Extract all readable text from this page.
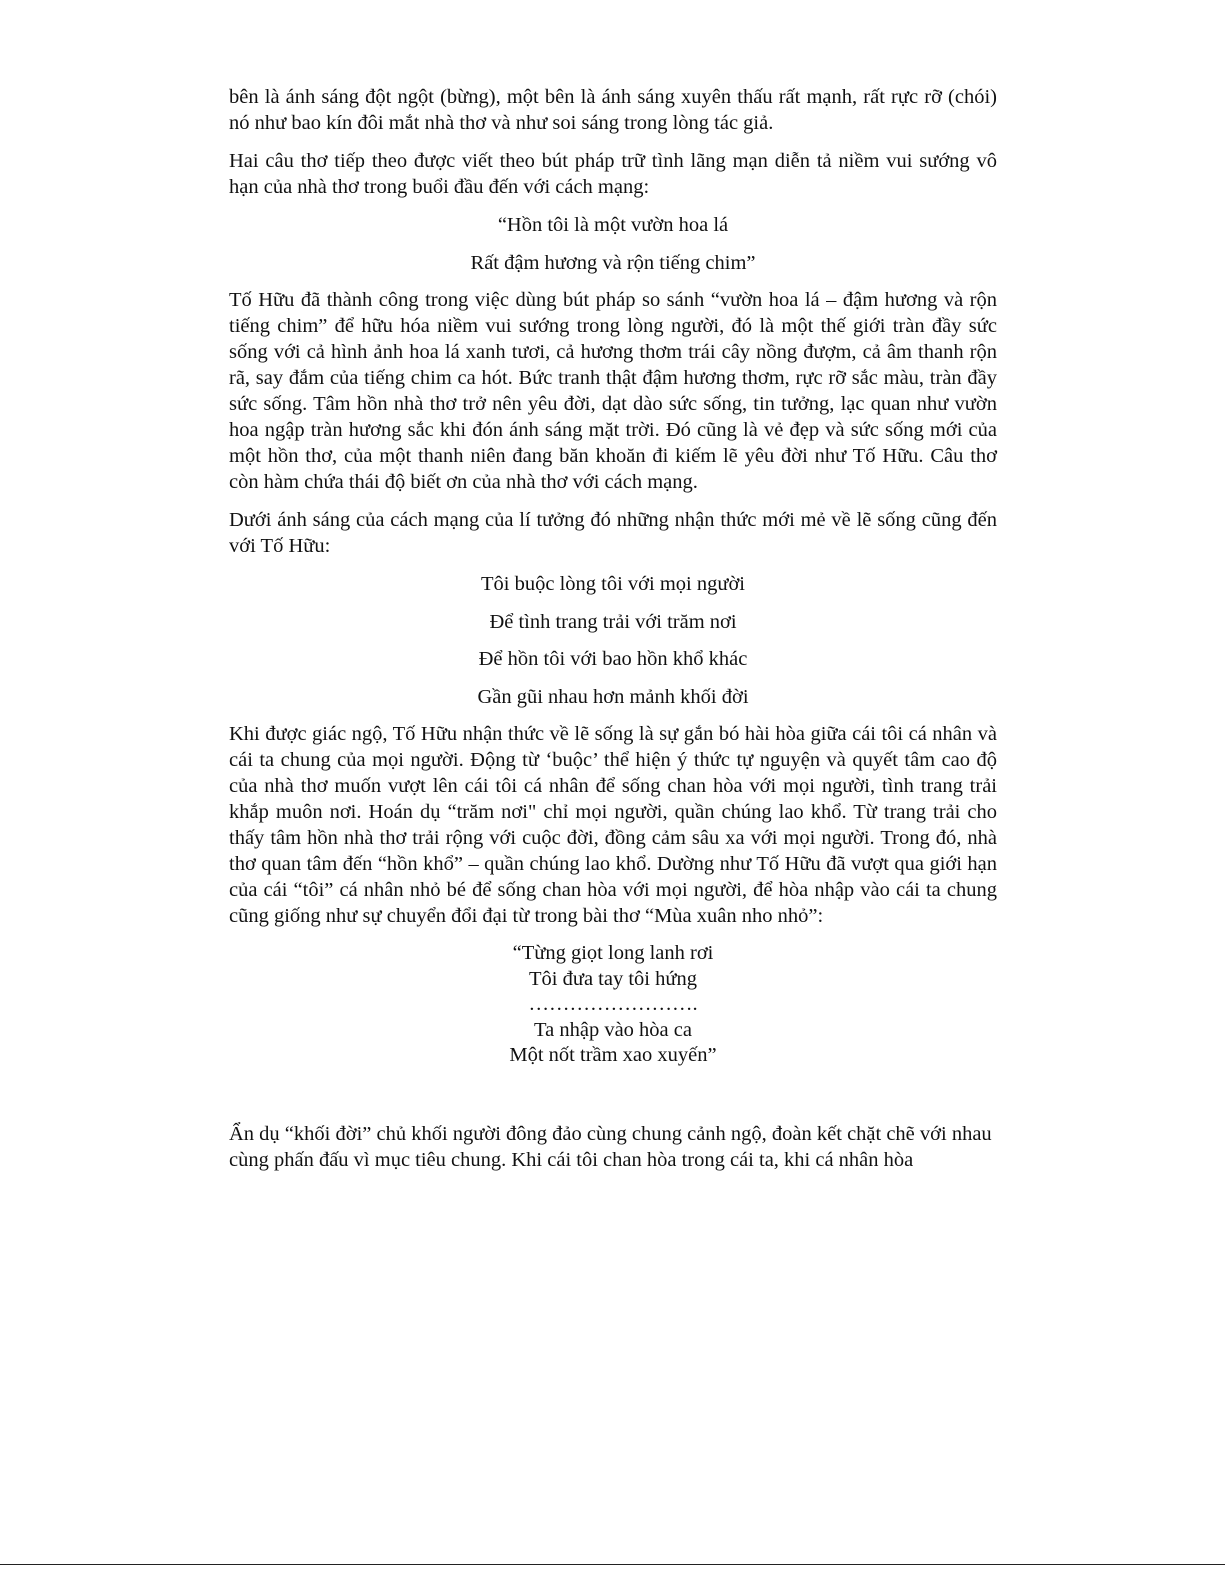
bên là ánh sáng đột ngột (bừng), một bên là ánh sáng xuyên thấu rất mạnh, rất rực rỡ (chói) nó như bao kín đôi mắt nhà thơ và như soi sáng trong lòng tác giả.

Hai câu thơ tiếp theo được viết theo bút pháp trữ tình lãng mạn diễn tả niềm vui sướng vô hạn của nhà thơ trong buổi đầu đến với cách mạng:

“Hồn tôi là một vườn hoa lá

Rất đậm hương và rộn tiếng chim”

Tố Hữu đã thành công trong việc dùng bút pháp so sánh “vườn hoa lá – đậm hương và rộn tiếng chim” để hữu hóa niềm vui sướng trong lòng người, đó là một thế giới tràn đầy sức sống với cả hình ảnh hoa lá xanh tươi, cả hương thơm trái cây nồng đượm, cả âm thanh rộn rã, say đắm của tiếng chim ca hót. Bức tranh thật đậm hương thơm, rực rỡ sắc màu, tràn đầy sức sống. Tâm hồn nhà thơ trở nên yêu đời, dạt dào sức sống, tin tưởng, lạc quan như vườn hoa ngập tràn hương sắc khi đón ánh sáng mặt trời. Đó cũng là vẻ đẹp và sức sống mới của một hồn thơ, của một thanh niên đang băn khoăn đi kiếm lẽ yêu đời như Tố Hữu. Câu thơ còn hàm chứa thái độ biết ơn của nhà thơ với cách mạng.

Dưới ánh sáng của cách mạng của lí tưởng đó những nhận thức mới mẻ về lẽ sống cũng đến với Tố Hữu:

Tôi buộc lòng tôi với mọi người

Để tình trang trải với trăm nơi

Để hồn tôi với bao hồn khổ khác

Gần gũi nhau hơn mảnh khối đời

Khi được giác ngộ, Tố Hữu nhận thức về lẽ sống là sự gắn bó hài hòa giữa cái tôi cá nhân và cái ta chung của mọi người. Động từ ‘buộc’ thể hiện ý thức tự nguyện và quyết tâm cao độ của nhà thơ muốn vượt lên cái tôi cá nhân để sống chan hòa với mọi người, tình trang trải khắp muôn nơi. Hoán dụ “trăm nơi" chỉ mọi người, quần chúng lao khổ. Từ trang trải cho thấy tâm hồn nhà thơ trải rộng với cuộc đời, đồng cảm sâu xa với mọi người. Trong đó, nhà thơ quan tâm đến “hồn khổ” – quần chúng lao khổ. Dường như Tố Hữu đã vượt qua giới hạn của cái “tôi” cá nhân nhỏ bé để sống chan hòa với mọi người, để hòa nhập vào cái ta chung cũng giống như sự chuyển đổi đại từ trong bài thơ “Mùa xuân nho nhỏ”:

“Từng giọt long lanh rơi

Tôi đưa tay tôi hứng

…………………….

Ta nhập vào hòa ca

Một nốt trầm xao xuyến”

Ẩn dụ “khối đời” chủ khối người đông đảo cùng chung cảnh ngộ, đoàn kết chặt chẽ với nhau cùng phấn đấu vì mục tiêu chung. Khi cái tôi chan hòa trong cái ta, khi cá nhân hòa
